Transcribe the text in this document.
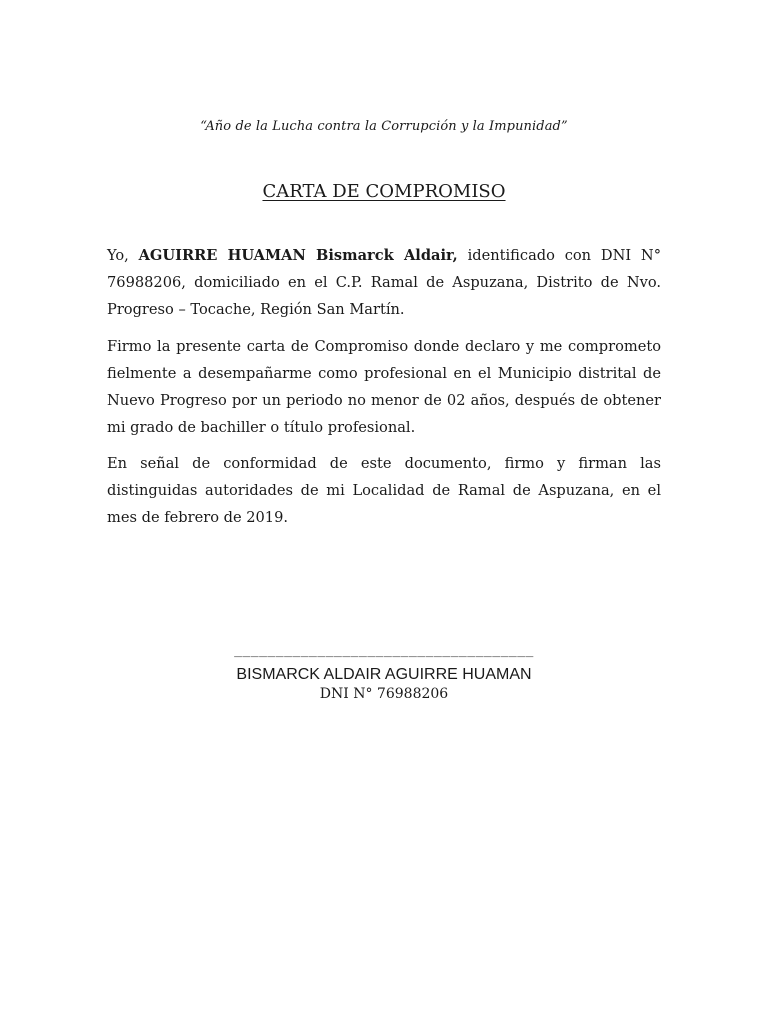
“Año de la Lucha contra la Corrupción y la Impunidad”
CARTA DE COMPROMISO

Yo, AGUIRRE HUAMAN Bismarck Aldair, identificado con DNI N° 76988206, domiciliado en el C.P. Ramal de Aspuzana, Distrito de Nvo. Progreso – Tocache, Región San Martín.

Firmo la presente carta de Compromiso donde declaro y me comprometo fielmente a desempañarme como profesional en el Municipio distrital de Nuevo Progreso por un periodo no menor de 02 años, después de obtener mi grado de bachiller o título profesional.

En señal de conformidad de este documento, firmo y firman las distinguidas autoridades de mi Localidad de Ramal de Aspuzana, en el mes de febrero de 2019.

____________________________________
BISMARCK ALDAIR AGUIRRE HUAMAN
DNI N° 76988206
